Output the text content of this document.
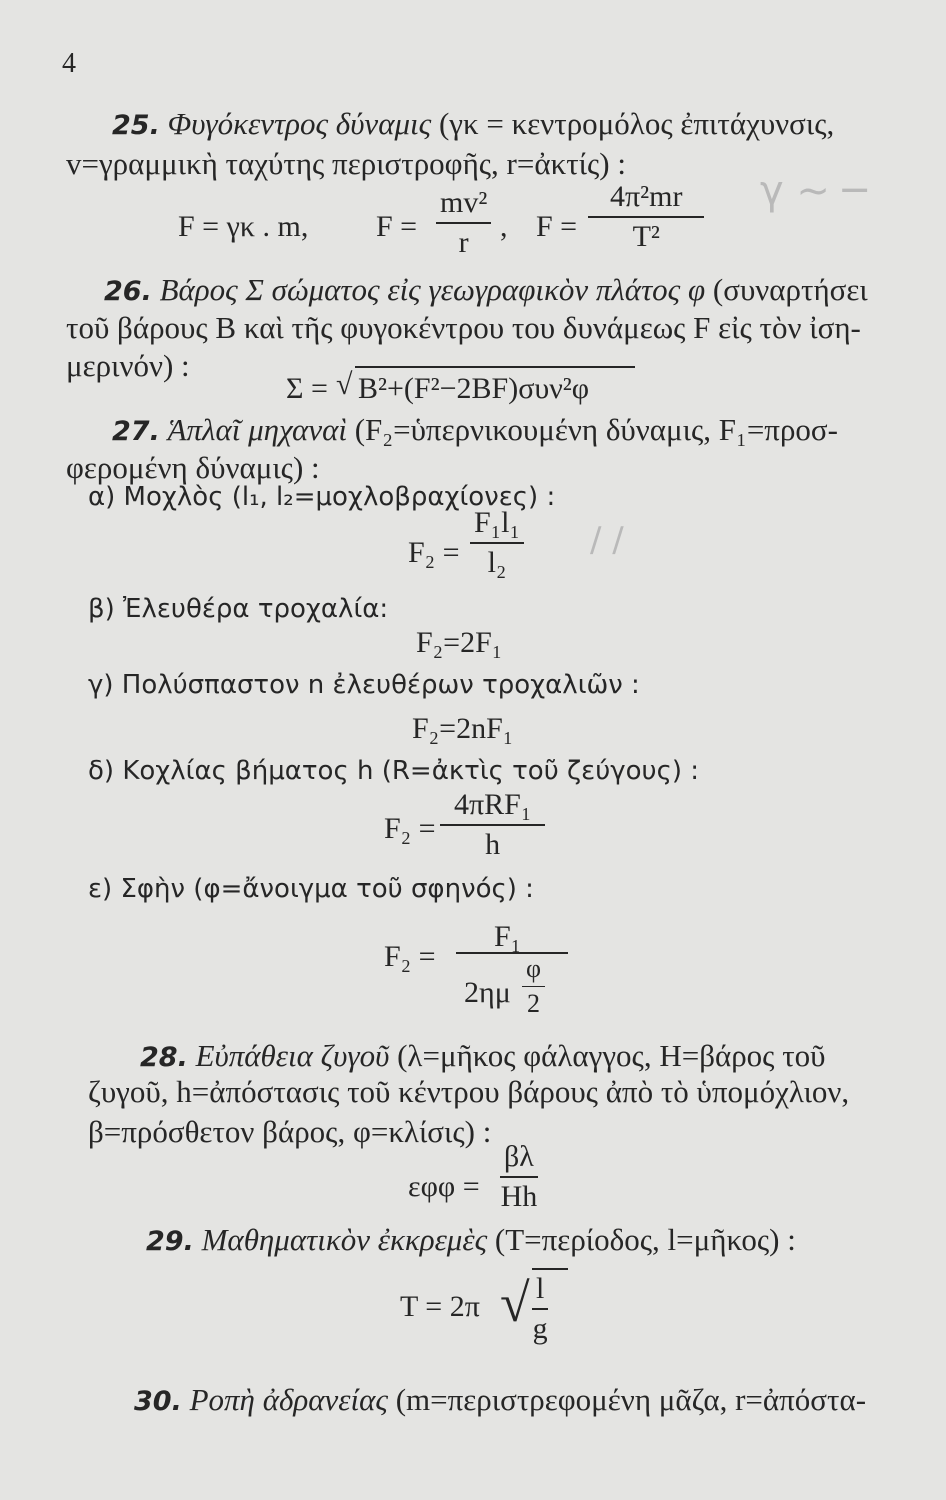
γ ~ ─
∕ ∕
4
25. Φυγόκεντρος δύναμις (γκ = κεντρομόλος ἐπιτάχυνσις,
v=γραμμικὴ ταχύτης περιστροφῆς, r=ἀκτίς) :
F = γκ . m, F =
mv²
r , F =
4π²mr
T²
26. Βάρος Σ σώματος εἰς γεωγραφικὸν πλάτος φ (συναρτήσει
τοῦ βάρους B καὶ τῆς φυγοκέντρου του δυνάμεως F εἰς τὸν ἰση-
μερινόν) :
Σ = √ B²+(F²−2BF)συν²φ
27. Ἁπλαῖ μηχαναὶ (F₂=ὑπερνικουμένη δύναμις, F₁=προσ-
φερομένη δύναμις) :
α) Μοχλὸς (l₁, l₂=μοχλοβραχίονες) :
F₂ =
F₁l₁
l₂
β) Ἐλευθέρα τροχαλία:
F₂=2F₁
γ) Πολύσπαστον n ἐλευθέρων τροχαλιῶν :
F₂=2nF₁
δ) Κοχλίας βήματος h (R=ἀκτὶς τοῦ ζεύγους) :
F₂ =
4πRF₁
h
ε) Σφὴν (φ=ἄνοιγμα τοῦ σφηνός) :
F₂ =
F₁
2ημ
φ
2
28. Εὐπάθεια ζυγοῦ (λ=μῆκος φάλαγγος, H=βάρος τοῦ
ζυγοῦ, h=ἀπόστασις τοῦ κέντρου βάρους ἀπὸ τὸ ὑπομόχλιον,
β=πρόσθετον βάρος, φ=κλίσις) :
εφφ =
βλ
Hh
29. Μαθηματικὸν ἐκκρεμὲς (T=περίοδος, l=μῆκος) :
T = 2π √ l
g
30. Ροπὴ ἀδρανείας (m=περιστρεφομένη μᾶζα, r=ἀπόστα-
